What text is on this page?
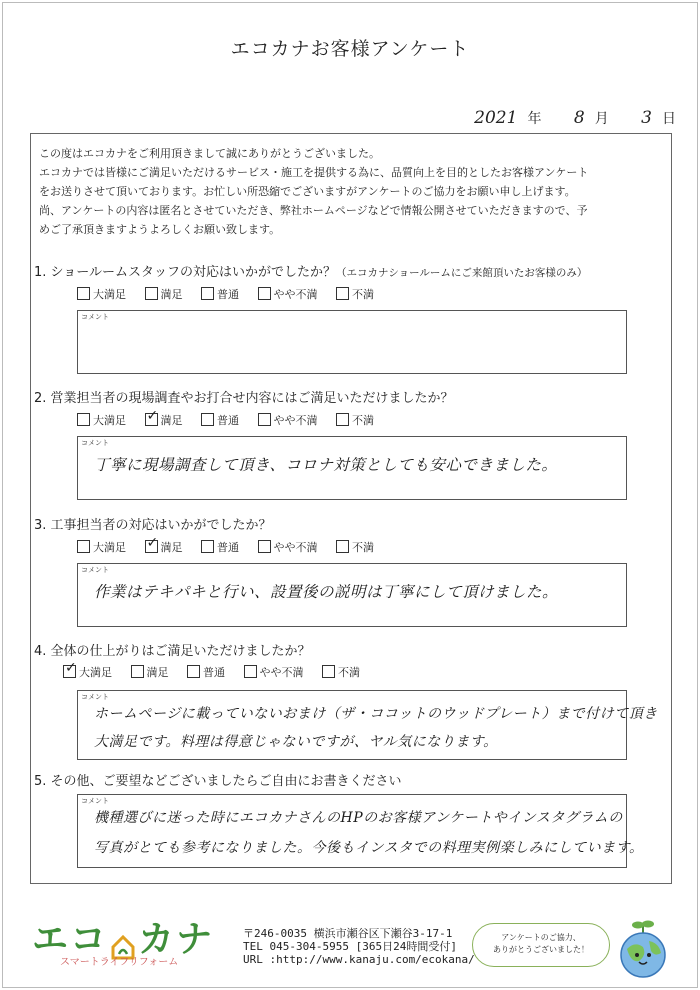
エコカナお客様アンケート
2021 年 8 月 3 日

この度はエコカナをご利用頂きまして誠にありがとうございました。

エコカナでは皆様にご満足いただけるサービス・施工を提供する為に、品質向上を目的としたお客様アンケート

をお送りさせて頂いております。お忙しい所恐縮でございますがアンケートのご協力をお願い申し上げます。

尚、アンケートの内容は匿名とさせていただき、弊社ホームページなどで情報公開させていただきますので、予

めご了承頂きますようよろしくお願い致します。

1. ショールームスタッフの対応はいかがでしたか？（エコカナショールームにご来館頂いたお客様のみ）
大満足	満足	普通	やや不満	不満
コメント
2. 営業担当者の現場調査やお打合せ内容にはご満足いただけましたか？
大満足 ✓	満足	普通	やや不満	不満
コメント
丁寧に現場調査して頂き、コロナ対策としても安心できました。
3. 工事担当者の対応はいかがでしたか？
大満足 ✓	満足	普通	やや不満	不満
コメント
作業はテキパキと行い、設置後の説明は丁寧にして頂けました。
4. 全体の仕上がりはご満足いただけましたか？
✓大満足	満足	普通	やや不満	不満
コメント
ホームページに載っていないおまけ（ザ・ココットのウッドプレート）まで付けて頂き
大満足です。料理は得意じゃないですが、ヤル気になります。
5. その他、ご要望などございましたらご自由にお書きください
コメント
機種選びに迷った時にエコカナさんのHPのお客様アンケートやインスタグラムの
写真がとても参考になりました。今後もインスタでの料理実例楽しみにしています。
エコ カナ
スマートライフリフォーム
〒246-0035 横浜市瀬谷区下瀬谷3-17-1
TEL 045-304-5955 [365日24時間受付]
URL :http://www.kanaju.com/ecokana/
アンケートのご協力、
ありがとうございました！
